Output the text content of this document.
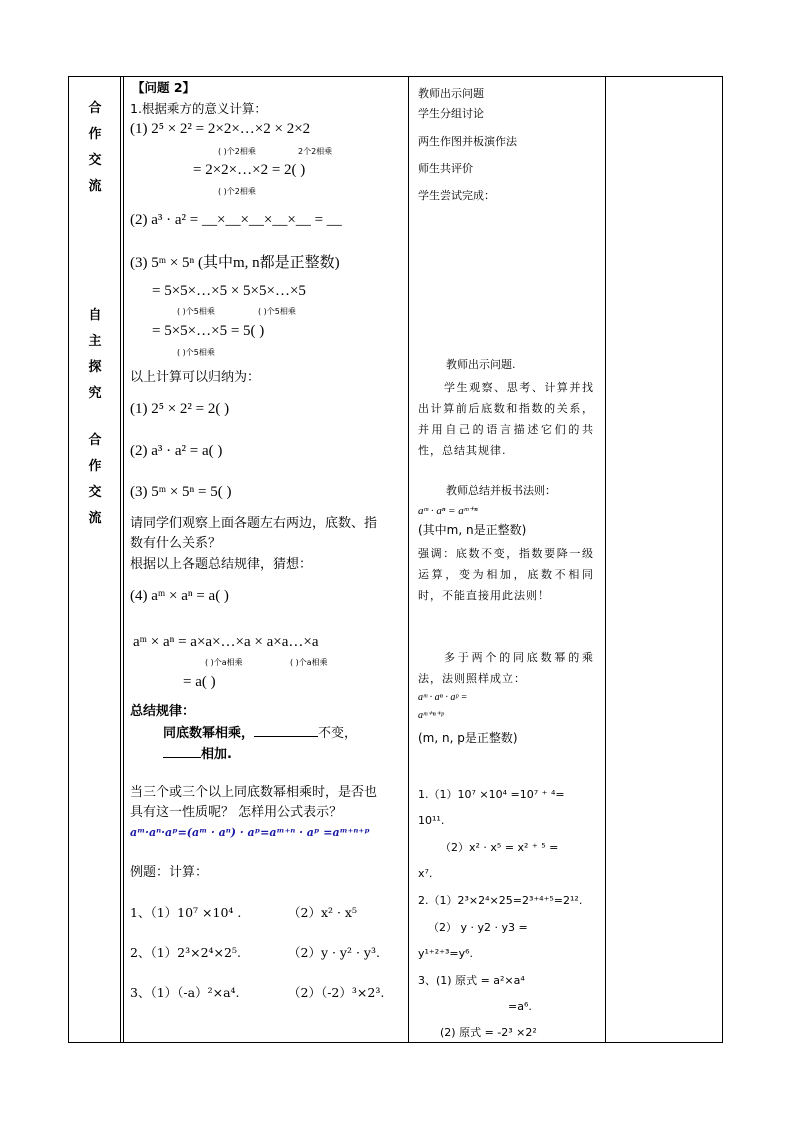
合
作
交
流
自
主
探
究
合
作
交
流
【问题 2】
1.根据乘方的意义计算：
(1) 2⁵ × 2² = 2×2×…×2 × 2×2
( )个2相乘	2个2相乘
= 2×2×…×2 = 2( )
( )个2相乘
(2) a³ · a² = __×__×__×__×__ = __
(3) 5ᵐ × 5ⁿ (其中m, n都是正整数)
= 5×5×…×5 × 5×5×…×5
( )个5相乘	( )个5相乘
= 5×5×…×5 = 5( )
( )个5相乘
以上计算可以归纳为：
(1) 2⁵ × 2² = 2( )
(2) a³ · a² = a( )
(3) 5ᵐ × 5ⁿ = 5( )
请同学们观察上面各题左右两边，底数、指
数有什么关系？
根据以上各题总结规律，猜想：
(4) aᵐ × aⁿ = a( )
aᵐ × aⁿ = a×a×…×a × a×a…×a
( )个a相乘	( )个a相乘
= a( )
总结规律：
同底数幂相乘，	不变，
相加.
当三个或三个以上同底数幂相乘时，是否也
具有这一性质呢？ 怎样用公式表示？
aᵐ·aⁿ·aᵖ=(aᵐ · aⁿ) · aᵖ=aᵐ⁺ⁿ · aᵖ =aᵐ⁺ⁿ⁺ᵖ
例题：计算：
1、（1）10⁷ ×10⁴ .	（2）x² · x⁵
2、（1）2³×2⁴×2⁵.	（2）y · y² · y³.
3、（1）（-a）²×a⁴.	（2）（-2）³×2³.
教师出示问题
学生分组讨论
两生作图并板演作法
师生共评价
学生尝试完成：
教师出示问题.
学生观察、思考、计算并找出计算前后底数和指数的关系，并用自己的语言描述它们的共性，总结其规律.
教师总结并板书法则：
aᵐ · aⁿ = aᵐ⁺ⁿ
(其中m, n是正整数)
强调：底数不变，指数要降一级运算，变为相加，底数不相同时，不能直接用此法则！
多于两个的同底数幂的乘法，法则照样成立：
aᵐ · aⁿ · aᵖ =
aᵐ⁺ⁿ⁺ᵖ
(m, n, p是正整数)
1.（1）10⁷ ×10⁴ =10⁷ ⁺ ⁴=
10¹¹.
（2）x² · x⁵ = x² ⁺ ⁵ =
x⁷.
2.（1）2³×2⁴×25=2³⁺⁴⁺⁵=2¹².
（2） y · y2 · y3 =
y¹⁺²⁺³=y⁶.
3、(1) 原式 = a²×a⁴
=a⁶.
(2) 原式 = -2³ ×2²
